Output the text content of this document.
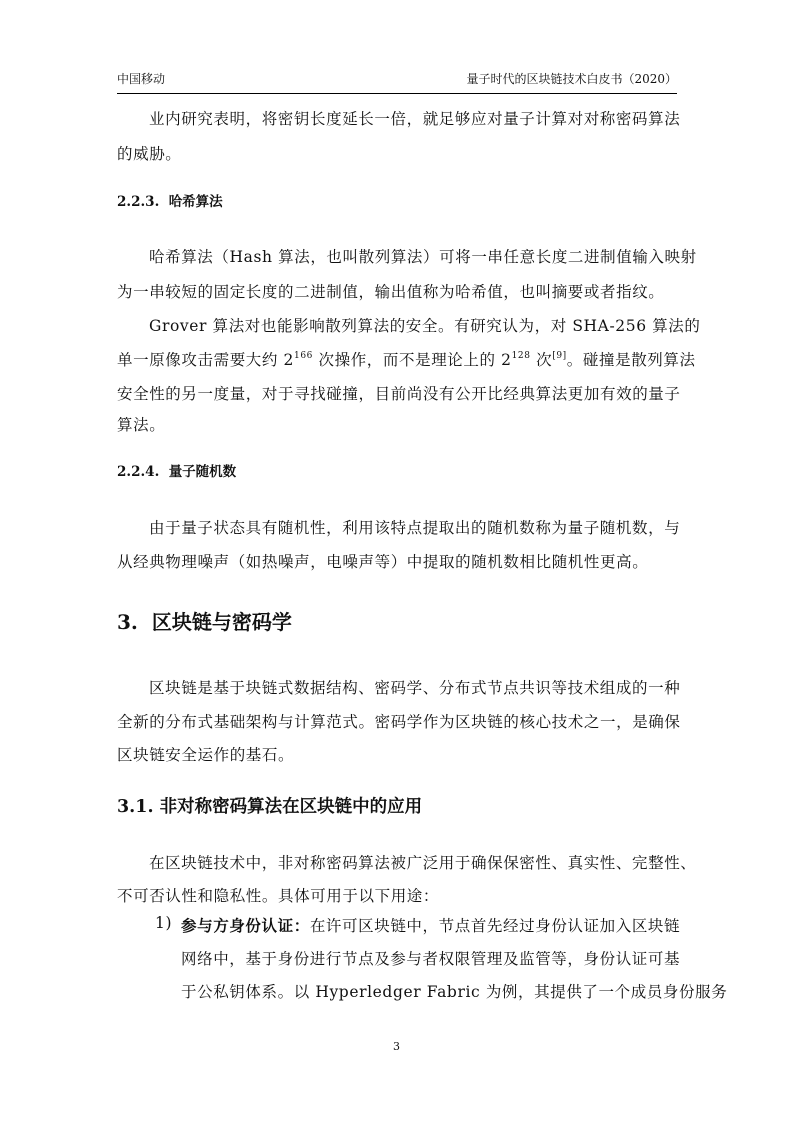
中国移动	量子时代的区块链技术白皮书（2020）
业内研究表明，将密钥长度延长一倍，就足够应对量子计算对对称密码算法
的威胁。
2.2.3. 哈希算法
哈希算法（Hash 算法，也叫散列算法）可将一串任意长度二进制值输入映射
为一串较短的固定长度的二进制值，输出值称为哈希值，也叫摘要或者指纹。
Grover 算法对也能影响散列算法的安全。有研究认为，对 SHA-256 算法的
单一原像攻击需要大约 $2^{166}$ 次操作，而不是理论上的 $2^{128}$ 次[9]。碰撞是散列算法
安全性的另一度量，对于寻找碰撞，目前尚没有公开比经典算法更加有效的量子
算法。
2.2.4. 量子随机数
由于量子状态具有随机性，利用该特点提取出的随机数称为量子随机数，与
从经典物理噪声（如热噪声，电噪声等）中提取的随机数相比随机性更高。
3. 区块链与密码学
区块链是基于块链式数据结构、密码学、分布式节点共识等技术组成的一种
全新的分布式基础架构与计算范式。密码学作为区块链的核心技术之一，是确保
区块链安全运作的基石。
3.1. 非对称密码算法在区块链中的应用
在区块链技术中，非对称密码算法被广泛用于确保保密性、真实性、完整性、
不可否认性和隐私性。具体可用于以下用途：
1) 参与方身份认证：在许可区块链中，节点首先经过身份认证加入区块链
网络中，基于身份进行节点及参与者权限管理及监管等，身份认证可基
于公私钥体系。以 Hyperledger Fabric 为例，其提供了一个成员身份服务
3
